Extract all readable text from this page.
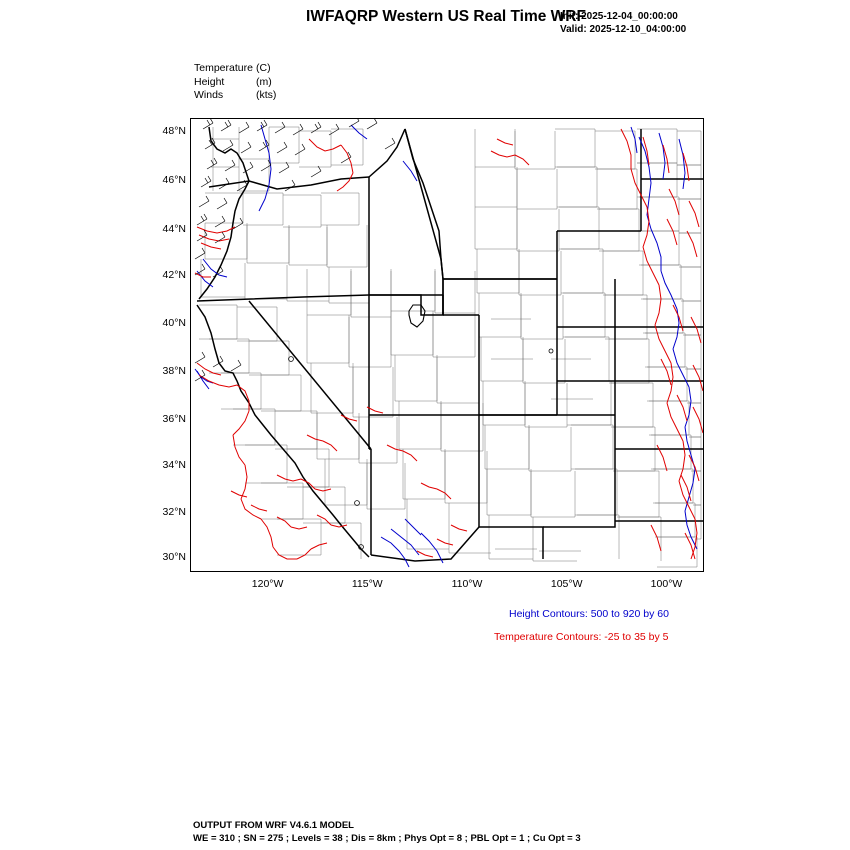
IWFAQRP Western US Real Time WRF
Init: 2025-12-04_00:00:00
Valid: 2025-12-10_04:00:00
Temperature (C)
Height	(m)
Winds	(kts)
48°N
46°N
44°N
42°N
40°N
38°N
36°N
34°N
32°N
30°N
120°W	115°W	110°W	105°W	100°W
Height Contours: 500 to 920 by 60
Temperature Contours: -25 to 35 by 5
OUTPUT FROM WRF V4.6.1 MODEL
WE = 310 ; SN = 275 ; Levels = 38 ; Dis = 8km ; Phys Opt = 8 ; PBL Opt = 1 ; Cu Opt = 3
